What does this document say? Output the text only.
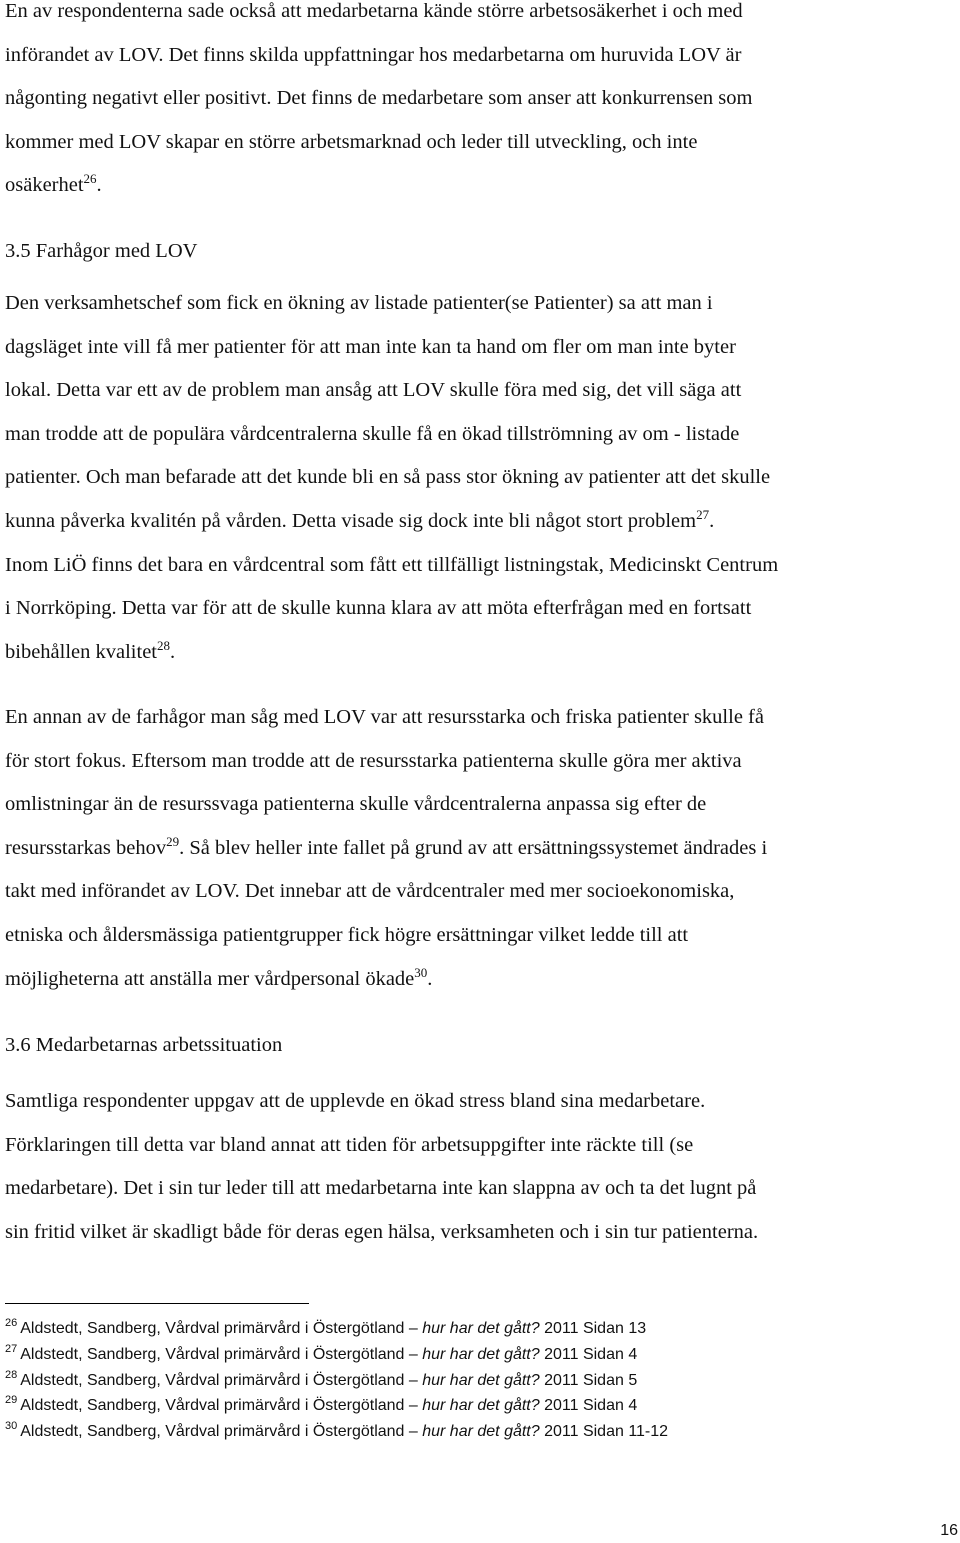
En av respondenterna sade också att medarbetarna kände större arbetsosäkerhet i och med
införandet av LOV. Det finns skilda uppfattningar hos medarbetarna om huruvida LOV är
någonting negativt eller positivt. Det finns de medarbetare som anser att konkurrensen som
kommer med LOV skapar en större arbetsmarknad och leder till utveckling, och inte
osäkerhet$^{26}$.
3.5 Farhågor med LOV
Den verksamhetschef som fick en ökning av listade patienter(se Patienter) sa att man i
dagsläget inte vill få mer patienter för att man inte kan ta hand om fler om man inte byter
lokal. Detta var ett av de problem man ansåg att LOV skulle föra med sig, det vill säga att
man trodde att de populära vårdcentralerna skulle få en ökad tillströmning av om - listade
patienter. Och man befarade att det kunde bli en så pass stor ökning av patienter att det skulle
kunna påverka kvalitén på vården. Detta visade sig dock inte bli något stort problem$^{27}$.
Inom LiÖ finns det bara en vårdcentral som fått ett tillfälligt listningstak, Medicinskt Centrum
i Norrköping. Detta var för att de skulle kunna klara av att möta efterfrågan med en fortsatt
bibehållen kvalitet$^{28}$.
En annan av de farhågor man såg med LOV var att resursstarka och friska patienter skulle få
för stort fokus. Eftersom man trodde att de resursstarka patienterna skulle göra mer aktiva
omlistningar än de resurssvaga patienterna skulle vårdcentralerna anpassa sig efter de
resursstarkas behov$^{29}$. Så blev heller inte fallet på grund av att ersättningssystemet ändrades i
takt med införandet av LOV. Det innebar att de vårdcentraler med mer socioekonomiska,
etniska och åldersmässiga patientgrupper fick högre ersättningar vilket ledde till att
möjligheterna att anställa mer vårdpersonal ökade$^{30}$.
3.6 Medarbetarnas arbetssituation
Samtliga respondenter uppgav att de upplevde en ökad stress bland sina medarbetare.
Förklaringen till detta var bland annat att tiden för arbetsuppgifter inte räckte till (se
medarbetare). Det i sin tur leder till att medarbetarna inte kan slappna av och ta det lugnt på
sin fritid vilket är skadligt både för deras egen hälsa, verksamheten och i sin tur patienterna.
$^{26}$ Aldstedt, Sandberg, Vårdval primärvård i Östergötland – hur har det gått? 2011 Sidan 13
$^{27}$ Aldstedt, Sandberg, Vårdval primärvård i Östergötland – hur har det gått? 2011 Sidan 4
$^{28}$ Aldstedt, Sandberg, Vårdval primärvård i Östergötland – hur har det gått? 2011 Sidan 5
$^{29}$ Aldstedt, Sandberg, Vårdval primärvård i Östergötland – hur har det gått? 2011 Sidan 4
$^{30}$ Aldstedt, Sandberg, Vårdval primärvård i Östergötland – hur har det gått? 2011 Sidan 11-12
16
